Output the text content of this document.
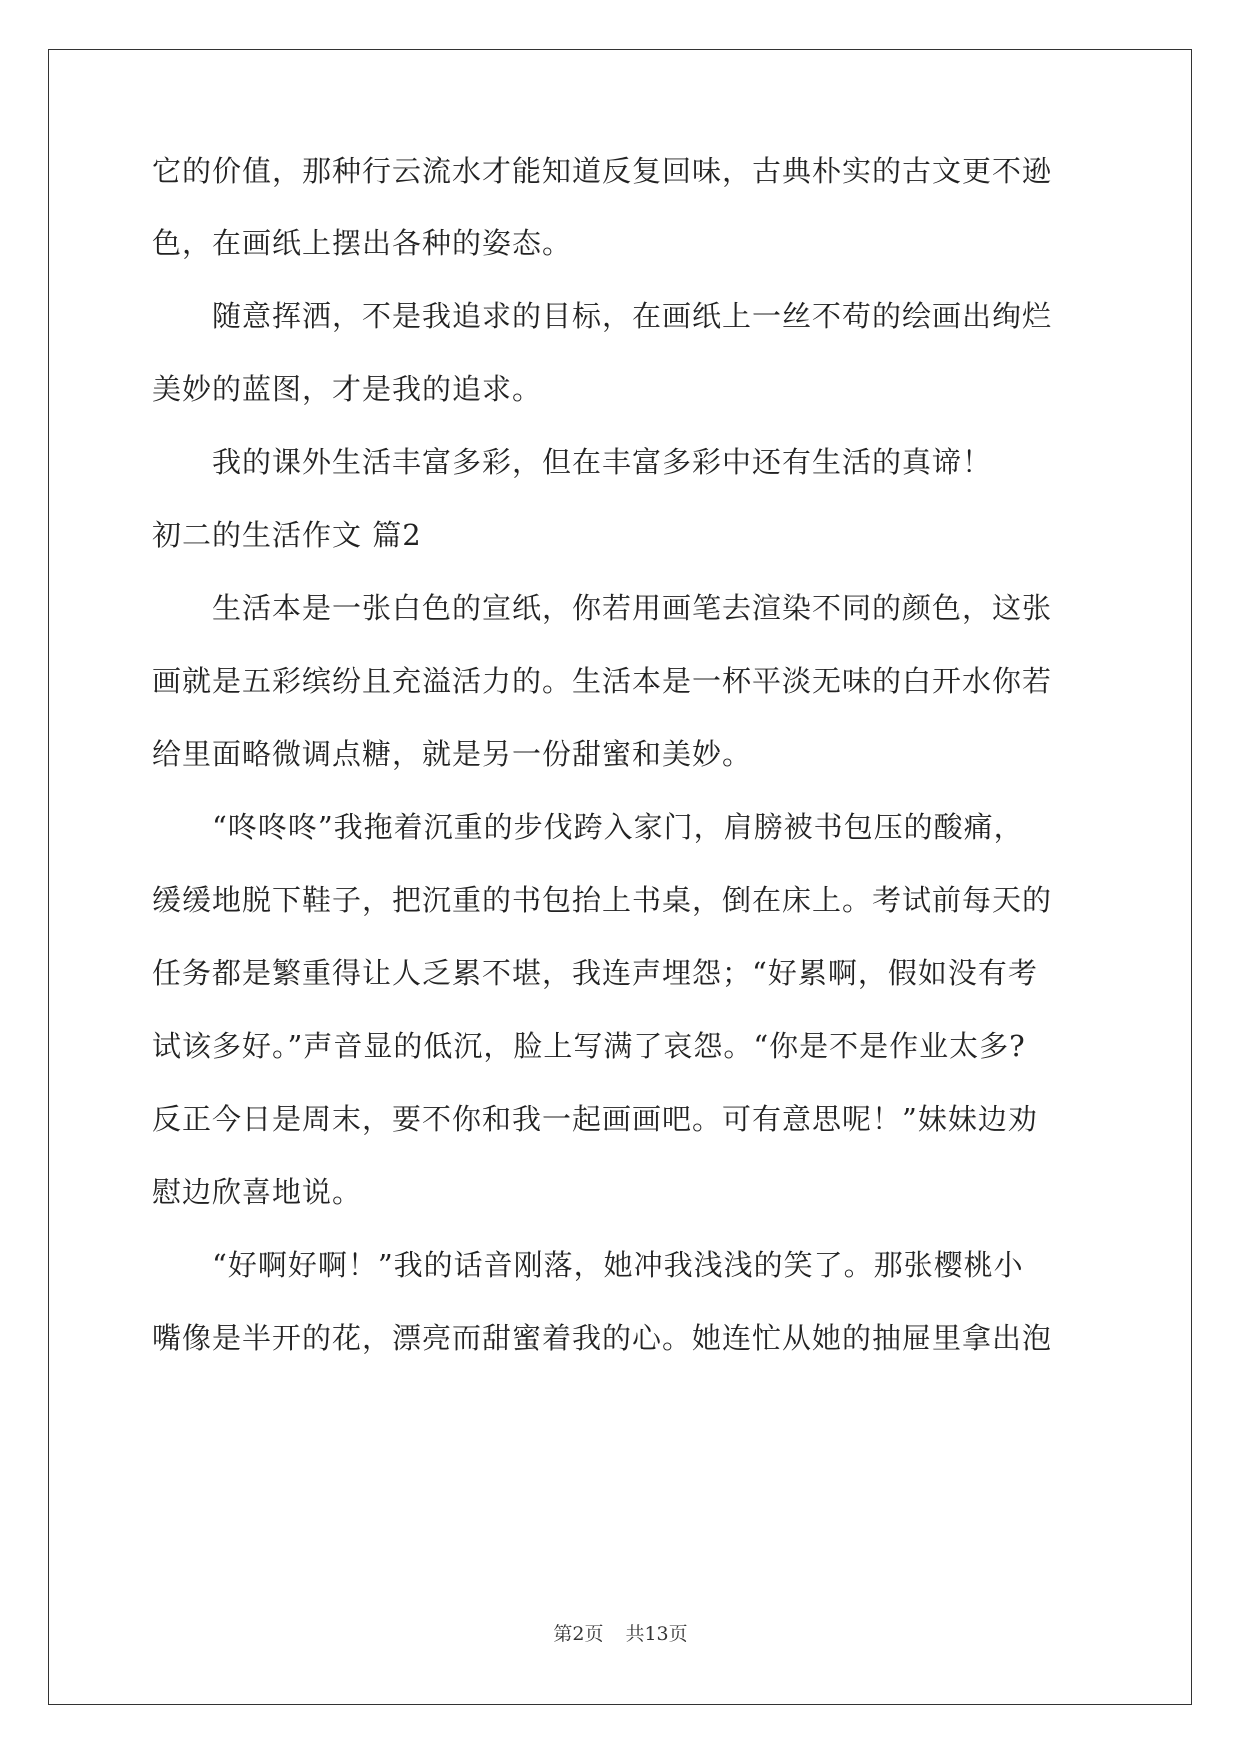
它的价值，那种行云流水才能知道反复回味，古典朴实的古文更不逊
色，在画纸上摆出各种的姿态。
　　随意挥洒，不是我追求的目标，在画纸上一丝不苟的绘画出绚烂
美妙的蓝图，才是我的追求。
　　我的课外生活丰富多彩，但在丰富多彩中还有生活的真谛！
初二的生活作文 篇2
　　生活本是一张白色的宣纸，你若用画笔去渲染不同的颜色，这张
画就是五彩缤纷且充溢活力的。生活本是一杯平淡无味的白开水你若
给里面略微调点糖，就是另一份甜蜜和美妙。
　　“咚咚咚”我拖着沉重的步伐跨入家门，肩膀被书包压的酸痛，
缓缓地脱下鞋子，把沉重的书包抬上书桌，倒在床上。考试前每天的
任务都是繁重得让人乏累不堪，我连声埋怨；“好累啊，假如没有考
试该多好。”声音显的低沉，脸上写满了哀怨。“你是不是作业太多?
反正今日是周末，要不你和我一起画画吧。可有意思呢！”妹妹边劝
慰边欣喜地说。
　　“好啊好啊！”我的话音刚落，她冲我浅浅的笑了。那张樱桃小
嘴像是半开的花，漂亮而甜蜜着我的心。她连忙从她的抽屉里拿出泡
第2页 共13页
